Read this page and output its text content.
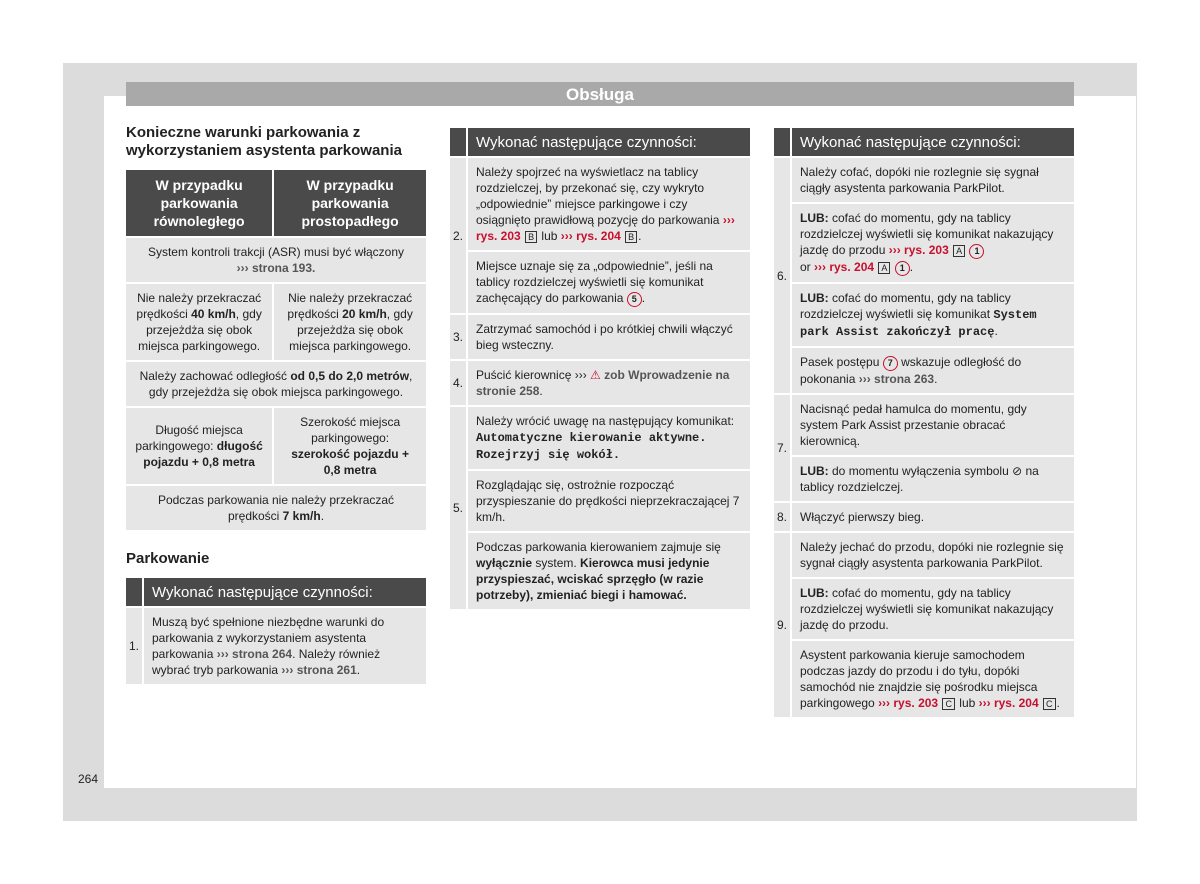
Obsługa
Konieczne warunki parkowania z wykorzystaniem asystenta parkowania
W przypadku parkowania równoległego	W przypadku parkowania prostopadłego
System kontroli trakcji (ASR) musi być włączony
››› strona 193.	
Nie należy przekraczać prędkości 40 km/h, gdy przejeżdża się obok miejsca parkingowego.	Nie należy przekraczać prędkości 20 km/h, gdy przejeżdża się obok miejsca parkingowego.
Należy zachować odległość od 0,5 do 2,0 metrów, gdy przejeżdża się obok miejsca parkingowego.	
Długość miejsca parkingowego: długość pojazdu + 0,8 metra	Szerokość miejsca parkingowego: szerokość pojazdu + 0,8 metra
Podczas parkowania nie należy przekraczać prędkości 7 km/h.	
Parkowanie
	Wykonać następujące czynności:
1.	Muszą być spełnione niezbędne warunki do parkowania z wykorzystaniem asystenta parkowania ››› strona 264. Należy również wybrać tryb parkowania ››› strona 261.
	Wykonać następujące czynności:
2.	Należy spojrzeć na wyświetlacz na tablicy rozdzielczej, by przekonać się, czy wykryto „odpowiednie” miejsce parkingowe i czy osiągnięto prawidłową pozycję do parkowania ››› rys. 203 B lub ››› rys. 204 B .
	Miejsce uznaje się za „odpowiednie”, jeśli na tablicy rozdzielczej wyświetli się komunikat zachęcający do parkowania 5 .
3.	Zatrzymać samochód i po krótkiej chwili włączyć bieg wsteczny.
4.	Puścić kierownicę ››› ⚠ zob Wprowadzenie na stronie 258.
5.	Należy wrócić uwagę na następujący komunikat: Automatyczne kierowanie aktywne. Rozejrzyj się wokół.
	Rozglądając się, ostrożnie rozpocząć przyspieszanie do prędkości nieprzekraczającej 7 km/h.
	Podczas parkowania kierowaniem zajmuje się wyłącznie system. Kierowca musi jedynie przyspieszać, wciskać sprzęgło (w razie potrzeby), zmieniać biegi i hamować.
	Wykonać następujące czynności:
6.	Należy cofać, dopóki nie rozlegnie się sygnał ciągły asystenta parkowania ParkPilot.
	LUB: cofać do momentu, gdy na tablicy rozdzielczej wyświetli się komunikat nakazujący jazdę do przodu ››› rys. 203 A 1
or ››› rys. 204 A 1 .
	LUB: cofać do momentu, gdy na tablicy rozdzielczej wyświetli się komunikat System park Assist zakończył pracę.
	Pasek postępu 7 wskazuje odległość do pokonania ››› strona 263.
7.	Nacisnąć pedał hamulca do momentu, gdy system Park Assist przestanie obracać kierownicą.
	LUB: do momentu wyłączenia symbolu ⊘ na tablicy rozdzielczej.
8.	Włączyć pierwszy bieg.
9.	Należy jechać do przodu, dopóki nie rozlegnie się sygnał ciągły asystenta parkowania ParkPilot.
	LUB: cofać do momentu, gdy na tablicy rozdzielczej wyświetli się komunikat nakazujący jazdę do przodu.
	Asystent parkowania kieruje samochodem podczas jazdy do przodu i do tyłu, dopóki samochód nie znajdzie się pośrodku miejsca parkingowego ››› rys. 203 C lub ››› rys. 204 C .
264
